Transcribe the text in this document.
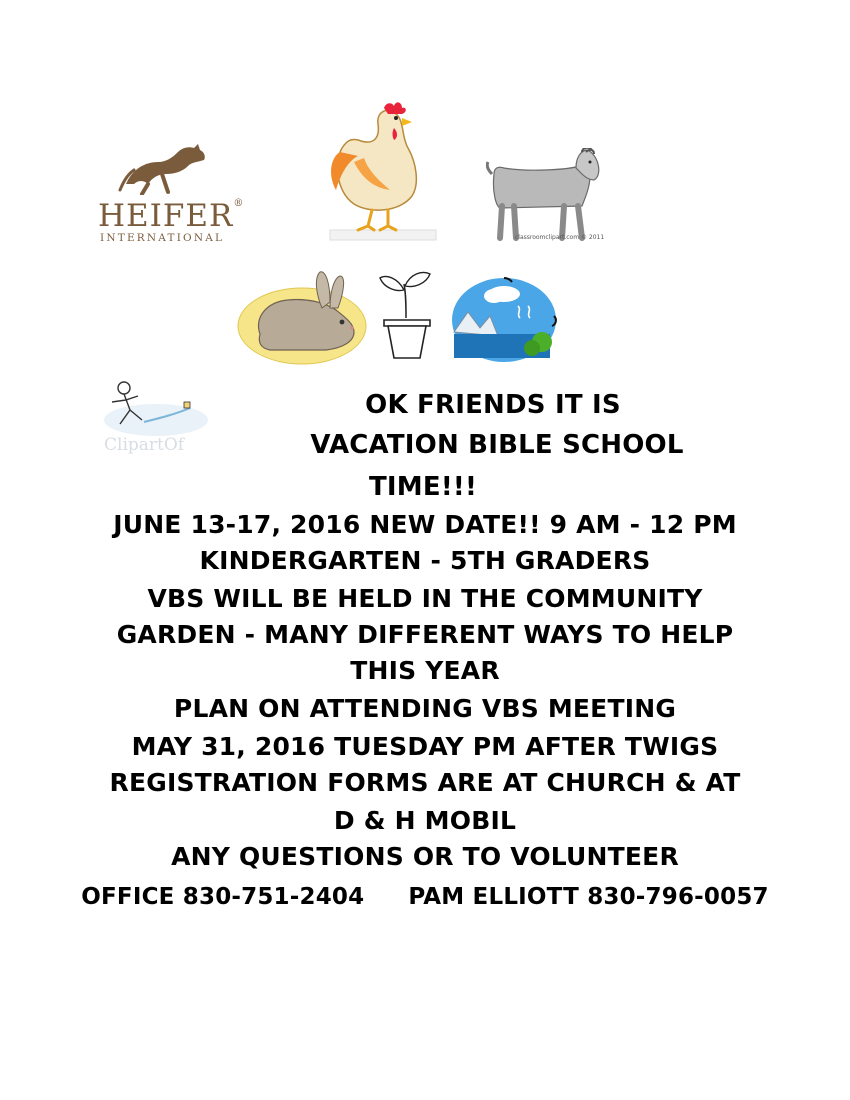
HEIFER®
INTERNATIONAL	classroomclipart.com © 2011
ClipartOf
OK FRIENDS IT IS
VACATION BIBLE SCHOOL
TIME!!!
JUNE 13-17, 2016 NEW DATE!! 9 AM - 12 PM
KINDERGARTEN - 5TH GRADERS
VBS WILL BE HELD IN THE COMMUNITY
GARDEN - MANY DIFFERENT WAYS TO HELP
THIS YEAR
PLAN ON ATTENDING VBS MEETING
MAY 31, 2016 TUESDAY PM AFTER TWIGS
REGISTRATION FORMS ARE AT CHURCH & AT
D & H MOBIL
ANY QUESTIONS OR TO VOLUNTEER
OFFICE 830-751-2404 PAM ELLIOTT 830-796-0057
